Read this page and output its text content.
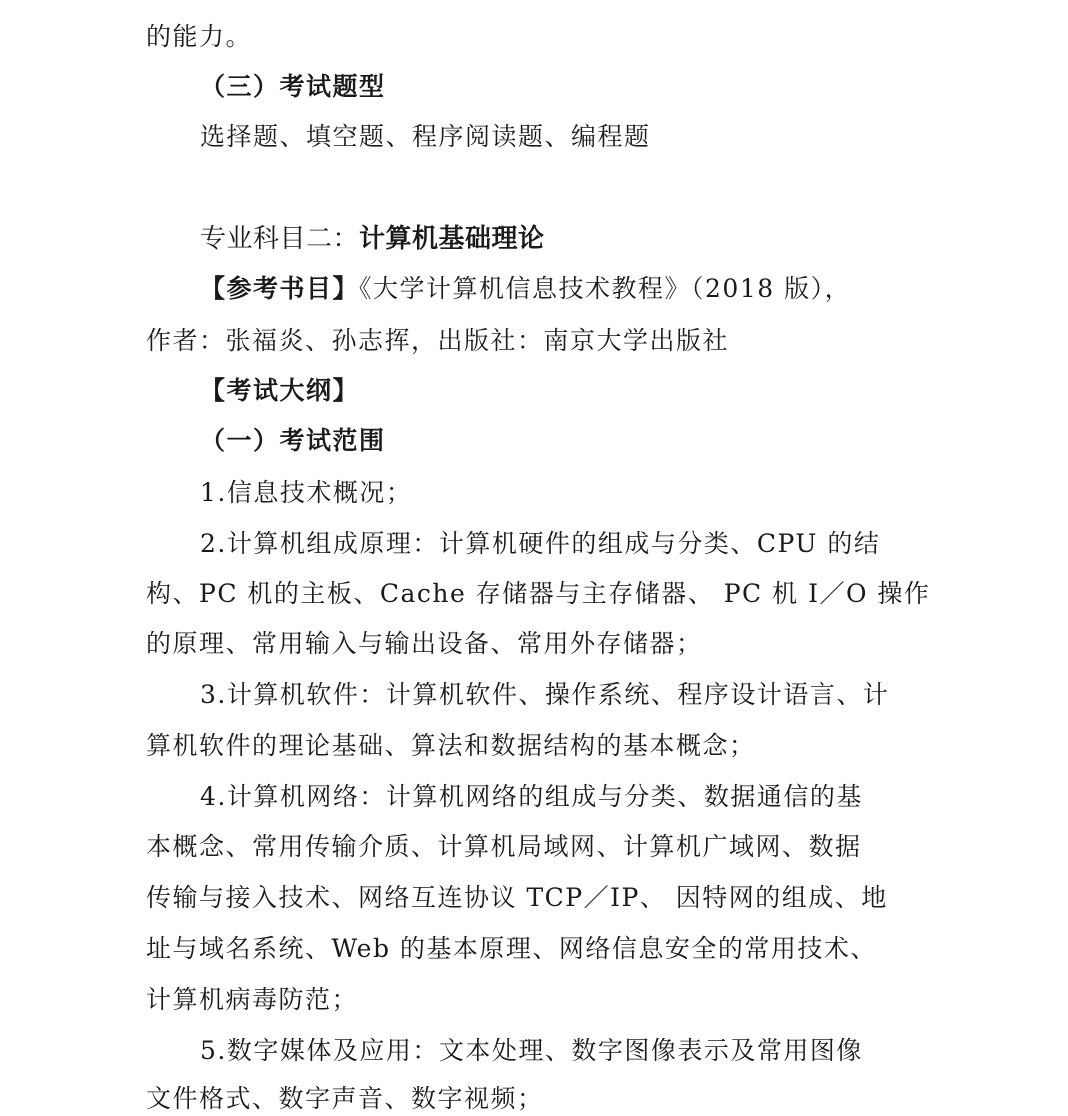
的能力。
（三）考试题型
选择题、填空题、程序阅读题、编程题
专业科目二：计算机基础理论
【参考书目】《大学计算机信息技术教程》（2018 版），
作者：张福炎、孙志挥，出版社：南京大学出版社
【考试大纲】
（一）考试范围
1.信息技术概况；
2.计算机组成原理：计算机硬件的组成与分类、CPU 的结
构、PC 机的主板、Cache 存储器与主存储器、 PC 机 I／O 操作
的原理、常用输入与输出设备、常用外存储器；
3.计算机软件：计算机软件、操作系统、程序设计语言、计
算机软件的理论基础、算法和数据结构的基本概念；
4.计算机网络：计算机网络的组成与分类、数据通信的基
本概念、常用传输介质、计算机局域网、计算机广域网、数据
传输与接入技术、网络互连协议 TCP／IP、 因特网的组成、地
址与域名系统、Web 的基本原理、网络信息安全的常用技术、
计算机病毒防范；
5.数字媒体及应用：文本处理、数字图像表示及常用图像
文件格式、数字声音、数字视频；
